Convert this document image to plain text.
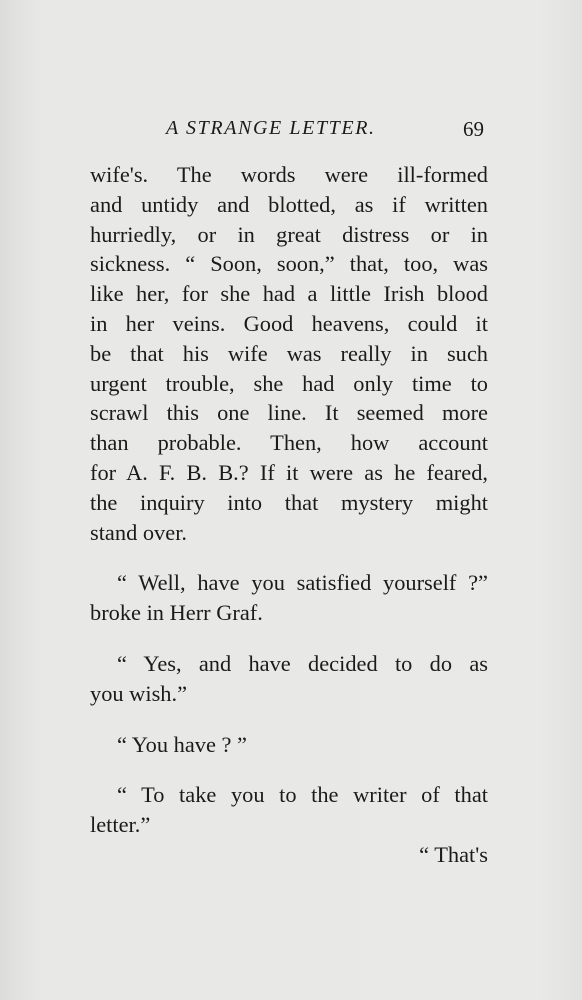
A STRANGE LETTER.	69
wife's. The words were ill-formed
and untidy and blotted, as if written
hurriedly, or in great distress or in
sickness. “ Soon, soon,” that, too, was
like her, for she had a little Irish blood
in her veins. Good heavens, could it
be that his wife was really in such
urgent trouble, she had only time to
scrawl this one line. It seemed more
than probable. Then, how account
for A. F. B. B.? If it were as he feared,
the inquiry into that mystery might
stand over.
“ Well, have you satisfied yourself ?”
broke in Herr Graf.
“ Yes, and have decided to do as
you wish.”
“ You have ? ”
“ To take you to the writer of that
letter.”
“ That's
